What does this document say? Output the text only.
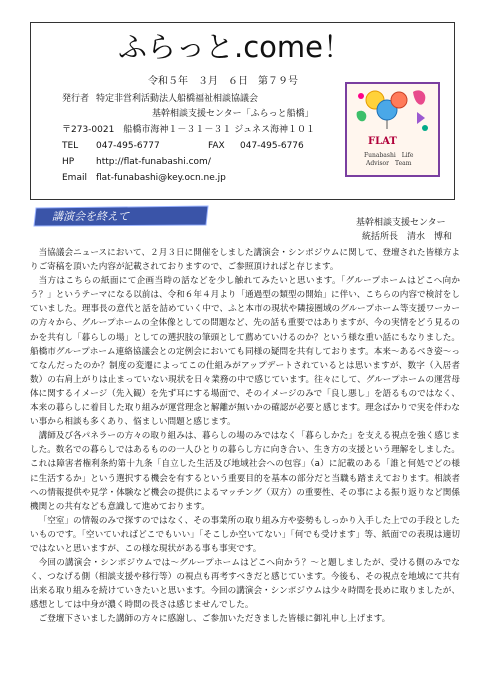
ふらっと.come！
令和５年　３月　６日　第７９号
発行者 特定非営利活動法人船橋福祉相談協議会
基幹相談支援センター「ふらっと船橋」
〒273-0021　船橋市海神１－３１－３１ ジュネス海神１０１
TEL 047-495-6777	FAX 047-495-6776
HP http://flat-funabashi.com/
Email flat-funabashi@key.ocn.ne.jp
FLAT
Funabashi　Life
Advisor　Team
講演会を終えて	基幹相談支援センター
統括所長　清水　博和

当協議会ニュースにおいて、２月３日に開催をしました講演会・シンポジウムに関して、登壇された皆様方よりご寄稿を頂いた内容が記載されておりますので、ご参照頂ければと存じます。

当方はこちらの紙面にて企画当時の話などを少し触れてみたいと思います。「グループホームはどこへ向かう？」というテーマになる以前は、令和６年４月より「通過型の類型の開始」に伴い、こちらの内容で検討をしていました。理事長の意代と話を詰めていく中で、ふと本市の現状や隣接圏域のグループホーム等支援ワーカーの方々から、グループホームの全体像としての問題など、先の話も重要ではありますが、今の実情をどう見るのかを共有し「暮らしの場」としての選択肢の筆頭として薦めていけるのか？という様な重い話にもなりました。船橋市グループホーム連絡協議会との定例会においても同様の疑問を共有しております。本来～あるべき姿～ってなんだったのか？制度の変遷によってこの仕組みがアップデートされているとは思いますが、数字（入居者数）の右肩上がりは止まっていない現状を日々業務の中で感じています。往々にして、グループホームの運営母体に関するイメージ（先入観）を先ず耳にする場面で、そのイメージのみで「良し悪し」を語るものではなく、本来の暮らしに着目した取り組みが運営理念と解離が無いかの確認が必要と感じます。理念ばかりで実を伴わない事から相談も多くあり、悩ましい問題と感じます。

講師及び各パネラーの方々の取り組みは、暮らしの場のみではなく「暮らしかた」を支える視点を強く感じました。数名での暮らしではあるものの一人ひとりの暮らし方に向き合い、生き方の支援という理解をしました。これは障害者権利条約第十九条「自立した生活及び地域社会への包容」（a）に記載のある「誰と何処でどの様に生活するか」という選択する機会を有するという重要目的を基本の部分だと当職も踏まえております。相談者への情報提供や見学・体験など機会の提供によるマッチング（双方）の重要性、その事による振り返りなど関係機関との共有なども意識して進めております。

「空室」の情報のみで探すのではなく、その事業所の取り組み方や姿勢もしっかり入手した上での手段としたいものです。「空いていればどこでもいい」「そこしか空いてない」「何でも受けます」等、紙面での表現は適切ではないと思いますが、この様な現状がある事も事実です。

今回の講演会・シンポジウムでは～グループホームはどこへ向かう？～と題しましたが、受ける側のみでなく、つなげる側（相談支援や移行等）の視点も再考すべきだと感じています。今後も、その視点を地域にて共有出来る取り組みを続けていきたいと思います。今回の講演会・シンポジウムは少々時間を長めに取りましたが、感想としては中身が濃く時間の長さは感じませんでした。

ご登壇下さいました講師の方々に感謝し、ご参加いただきました皆様に御礼申し上げます。
